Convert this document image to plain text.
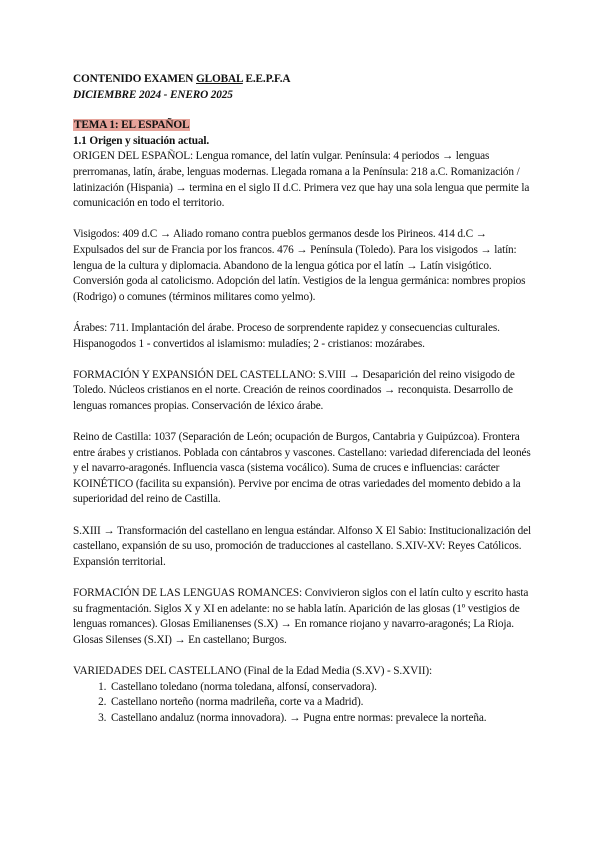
CONTENIDO EXAMEN GLOBAL E.E.P.F.A
DICIEMBRE 2024 - ENERO 2025
TEMA 1: EL ESPAÑOL
1.1 Origen y situación actual.

ORIGEN DEL ESPAÑOL: Lengua romance, del latín vulgar. Península: 4 periodos → lenguas prerromanas, latín, árabe, lenguas modernas. Llegada romana a la Península: 218 a.C. Romanización / latinización (Hispania) → termina en el siglo II d.C. Primera vez que hay una sola lengua que permite la comunicación en todo el territorio.

Visigodos: 409 d.C → Aliado romano contra pueblos germanos desde los Pirineos. 414 d.C → Expulsados del sur de Francia por los francos. 476 → Península (Toledo). Para los visigodos → latín: lengua de la cultura y diplomacia. Abandono de la lengua gótica por el latín → Latín visigótico. Conversión goda al catolicismo. Adopción del latín. Vestigios de la lengua germánica: nombres propios (Rodrigo) o comunes (términos militares como yelmo).

Árabes: 711. Implantación del árabe. Proceso de sorprendente rapidez y consecuencias culturales. Hispanogodos 1 - convertidos al islamismo: muladíes; 2 - cristianos: mozárabes.

FORMACIÓN Y EXPANSIÓN DEL CASTELLANO: S.VIII → Desaparición del reino visigodo de Toledo. Núcleos cristianos en el norte. Creación de reinos coordinados → reconquista. Desarrollo de lenguas romances propias. Conservación de léxico árabe.

Reino de Castilla: 1037 (Separación de León; ocupación de Burgos, Cantabria y Guipúzcoa). Frontera entre árabes y cristianos. Poblada con cántabros y vascones. Castellano: variedad diferenciada del leonés y el navarro-aragonés. Influencia vasca (sistema vocálico). Suma de cruces e influencias: carácter KOINÉTICO (facilita su expansión). Pervive por encima de otras variedades del momento debido a la superioridad del reino de Castilla.

S.XIII → Transformación del castellano en lengua estándar. Alfonso X El Sabio: Institucionalización del castellano, expansión de su uso, promoción de traducciones al castellano. S.XIV-XV: Reyes Católicos. Expansión territorial.

FORMACIÓN DE LAS LENGUAS ROMANCES: Convivieron siglos con el latín culto y escrito hasta su fragmentación. Siglos X y XI en adelante: no se habla latín. Aparición de las glosas (1º vestigios de lenguas romances). Glosas Emilianenses (S.X) → En romance riojano y navarro-aragonés; La Rioja. Glosas Silenses (S.XI) → En castellano; Burgos.

VARIEDADES DEL CASTELLANO (Final de la Edad Media (S.XV) - S.XVII):

1. Castellano toledano (norma toledana, alfonsí, conservadora).
2. Castellano norteño (norma madrileña, corte va a Madrid).
3. Castellano andaluz (norma innovadora). → Pugna entre normas: prevalece la norteña.
